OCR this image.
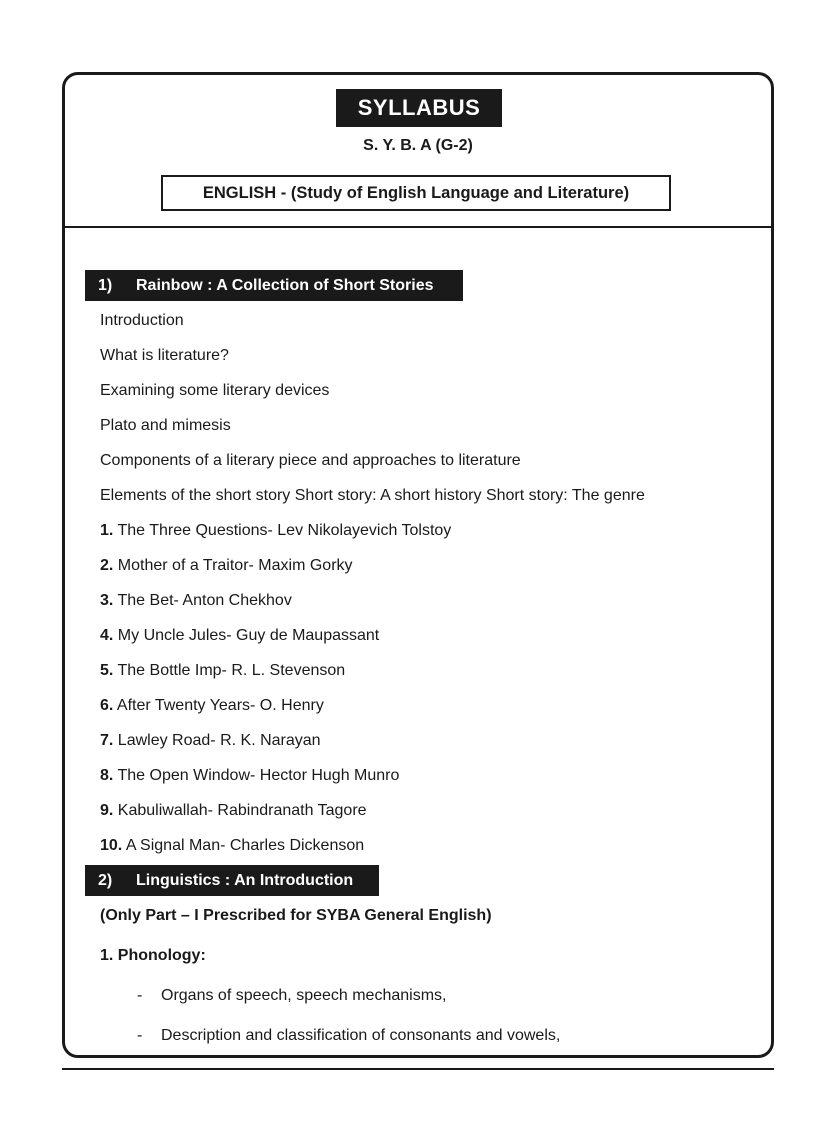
SYLLABUS
S. Y. B. A (G-2)
ENGLISH - (Study of English Language and Literature)
1)	Rainbow : A Collection of Short Stories
Introduction
What is literature?
Examining some literary devices
Plato and mimesis
Components of a literary piece and approaches to literature
Elements of the short story Short story: A short history Short story: The genre
1. The Three Questions- Lev Nikolayevich Tolstoy
2. Mother of a Traitor- Maxim Gorky
3. The Bet- Anton Chekhov
4. My Uncle Jules- Guy de Maupassant
5. The Bottle Imp- R. L. Stevenson
6. After Twenty Years- O. Henry
7. Lawley Road- R. K. Narayan
8. The Open Window- Hector Hugh Munro
9. Kabuliwallah- Rabindranath Tagore
10. A Signal Man- Charles Dickenson
2)	Linguistics : An Introduction
(Only Part – I Prescribed for SYBA General English)
1. Phonology:
- Organs of speech, speech mechanisms,
- Description and classification of consonants and vowels,
